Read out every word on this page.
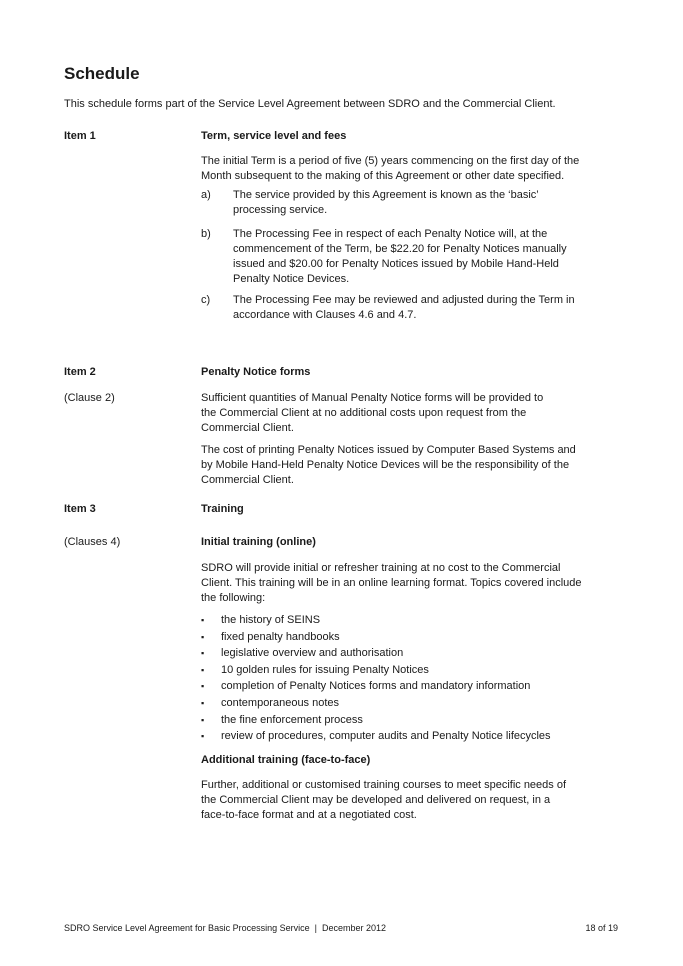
Schedule
This schedule forms part of the Service Level Agreement between SDRO and the Commercial Client.
Item 1	Term, service level and fees
The initial Term is a period of five (5) years commencing on the first day of the
Month subsequent to the making of this Agreement or other date specified.
a) The service provided by this Agreement is known as the ‘basic’
processing service.
b) The Processing Fee in respect of each Penalty Notice will, at the
commencement of the Term, be $22.20 for Penalty Notices manually
issued and $20.00 for Penalty Notices issued by Mobile Hand-Held
Penalty Notice Devices.
c) The Processing Fee may be reviewed and adjusted during the Term in
accordance with Clauses 4.6 and 4.7.
Item 2	Penalty Notice forms
(Clause 2)	Sufficient quantities of Manual Penalty Notice forms will be provided to
the Commercial Client at no additional costs upon request from the
Commercial Client.
The cost of printing Penalty Notices issued by Computer Based Systems and
by Mobile Hand-Held Penalty Notice Devices will be the responsibility of the
Commercial Client.
Item 3	Training
(Clauses 4)	Initial training (online)
SDRO will provide initial or refresher training at no cost to the Commercial
Client. This training will be in an online learning format. Topics covered include
the following:
▪ the history of SEINS
▪ fixed penalty handbooks
▪ legislative overview and authorisation
▪ 10 golden rules for issuing Penalty Notices
▪ completion of Penalty Notices forms and mandatory information
▪ contemporaneous notes
▪ the fine enforcement process
▪ review of procedures, computer audits and Penalty Notice lifecycles
Additional training (face-to-face)
Further, additional or customised training courses to meet specific needs of
the Commercial Client may be developed and delivered on request, in a
face-to-face format and at a negotiated cost.
SDRO Service Level Agreement for Basic Processing Service  |  December 2012	18 of 19
